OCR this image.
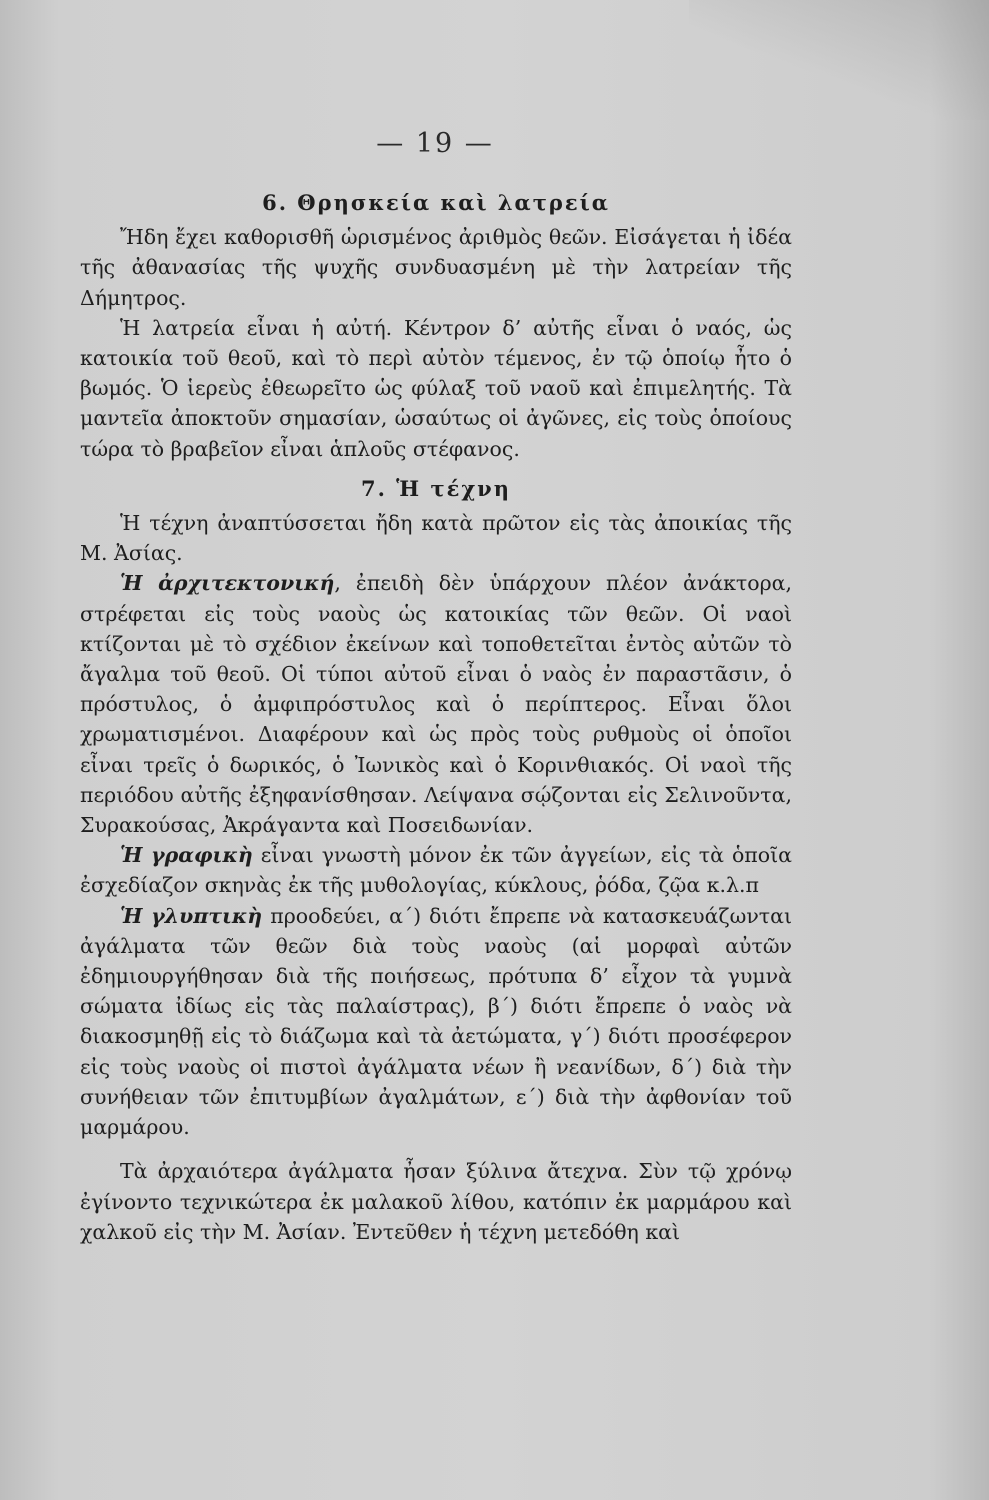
— 19 —
6. Θρησκεία καὶ λατρεία

Ἤδη ἔχει καθορισθῆ ὡρισμένος ἀριθμὸς θεῶν. Εἰσάγεται ἡ ἰδέα τῆς ἀθανασίας τῆς ψυχῆς συνδυασμένη μὲ τὴν λατρείαν τῆς Δήμητρος.

Ἡ λατρεία εἶναι ἡ αὐτή. Κέντρον δ’ αὐτῆς εἶναι ὁ ναός, ὡς κατοικία τοῦ θεοῦ, καὶ τὸ περὶ αὐτὸν τέμενος, ἐν τῷ ὁποίῳ ἦτο ὁ βωμός. Ὁ ἱερεὺς ἐθεωρεῖτο ὡς φύλαξ τοῦ ναοῦ καὶ ἐπιμελητής. Τὰ μαντεῖα ἀποκτοῦν σημασίαν, ὡσαύτως οἱ ἀγῶνες, εἰς τοὺς ὁποίους τώρα τὸ βραβεῖον εἶναι ἁπλοῦς στέφανος.

7. Ἡ τέχνη

Ἡ τέχνη ἀναπτύσσεται ἤδη κατὰ πρῶτον εἰς τὰς ἀποικίας τῆς Μ. Ἀσίας.

Ἡ ἀρχιτεκτονική, ἐπειδὴ δὲν ὑπάρχουν πλέον ἀνάκτορα, στρέφεται εἰς τοὺς ναοὺς ὡς κατοικίας τῶν θεῶν. Οἱ ναοὶ κτίζονται μὲ τὸ σχέδιον ἐκείνων καὶ τοποθετεῖται ἐντὸς αὐτῶν τὸ ἄγαλμα τοῦ θεοῦ. Οἱ τύποι αὐτοῦ εἶναι ὁ ναὸς ἐν παραστᾶσιν, ὁ πρόστυλος, ὁ ἀμφιπρόστυλος καὶ ὁ περίπτερος. Εἶναι ὅλοι χρωματισμένοι. Διαφέρουν καὶ ὡς πρὸς τοὺς ρυθμοὺς οἱ ὁποῖοι εἶναι τρεῖς ὁ δωρικός, ὁ Ἰωνικὸς καὶ ὁ Κορινθιακός. Οἱ ναοὶ τῆς περιόδου αὐτῆς ἐξηφανίσθησαν. Λείψανα σῴζονται εἰς Σελινοῦντα, Συρακούσας, Ἀκράγαντα καὶ Ποσειδωνίαν.

Ἡ γραφικὴ εἶναι γνωστὴ μόνον ἐκ τῶν ἀγγείων, εἰς τὰ ὁποῖα ἐσχεδίαζον σκηνὰς ἐκ τῆς μυθολογίας, κύκλους, ῥόδα, ζῷα κ.λ.π

Ἡ γλυπτικὴ προοδεύει, α΄) διότι ἔπρεπε νὰ κατασκευάζωνται ἀγάλματα τῶν θεῶν διὰ τοὺς ναοὺς (αἱ μορφαὶ αὐτῶν ἐδημιουργήθησαν διὰ τῆς ποιήσεως, πρότυπα δ’ εἶχον τὰ γυμνὰ σώματα ἰδίως εἰς τὰς παλαίστρας), β΄) διότι ἔπρεπε ὁ ναὸς νὰ διακοσμηθῇ εἰς τὸ διάζωμα καὶ τὰ ἀετώματα, γ΄) διότι προσέφερον εἰς τοὺς ναοὺς οἱ πιστοὶ ἀγάλματα νέων ἢ νεανίδων, δ΄) διὰ τὴν συνήθειαν τῶν ἐπιτυμβίων ἀγαλμάτων, ε΄) διὰ τὴν ἀφθονίαν τοῦ μαρμάρου.

Τὰ ἀρχαιότερα ἀγάλματα ἦσαν ξύλινα ἄτεχνα. Σὺν τῷ χρόνῳ ἐγίνοντο τεχνικώτερα ἐκ μαλακοῦ λίθου, κατόπιν ἐκ μαρμάρου καὶ χαλκοῦ εἰς τὴν Μ. Ἀσίαν. Ἐντεῦθεν ἡ τέχνη μετεδόθη καὶ
